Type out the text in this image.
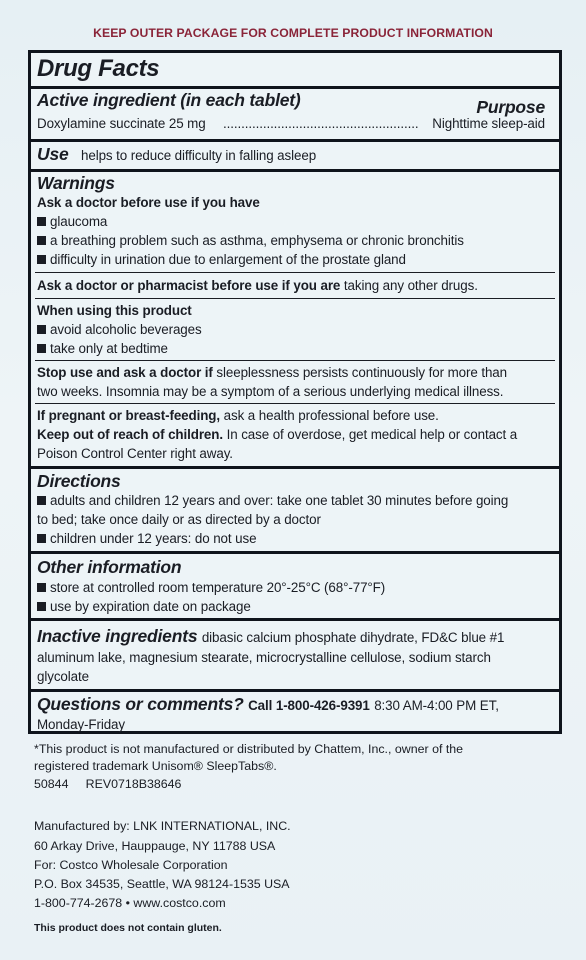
KEEP OUTER PACKAGE FOR COMPLETE PRODUCT INFORMATION
Drug Facts
Active ingredient (in each tablet)	Purpose
Doxylamine succinate 25 mg ......................................................	Nighttime sleep-aid
Use helps to reduce difficulty in falling asleep
Warnings
Ask a doctor before use if you have
glaucoma
a breathing problem such as asthma, emphysema or chronic bronchitis
difficulty in urination due to enlargement of the prostate gland
Ask a doctor or pharmacist before use if you are taking any other drugs.
When using this product
avoid alcoholic beverages
take only at bedtime
Stop use and ask a doctor if sleeplessness persists continuously for more than
two weeks. Insomnia may be a symptom of a serious underlying medical illness.
If pregnant or breast-feeding, ask a health professional before use.
Keep out of reach of children. In case of overdose, get medical help or contact a
Poison Control Center right away.
Directions
adults and children 12 years and over: take one tablet 30 minutes before going
to bed; take once daily or as directed by a doctor
children under 12 years: do not use
Other information
store at controlled room temperature 20°-25°C (68°-77°F)
use by expiration date on package
Inactive ingredients dibasic calcium phosphate dihydrate, FD&C blue #1
aluminum lake, magnesium stearate, microcrystalline cellulose, sodium starch
glycolate
Questions or comments? Call 1-800-426-9391 8:30 AM-4:00 PM ET,
Monday-Friday
*This product is not manufactured or distributed by Chattem, Inc., owner of the
registered trademark Unisom® SleepTabs®.
50844     REV0718B38646
Manufactured by: LNK INTERNATIONAL, INC.
60 Arkay Drive, Hauppauge, NY 11788 USA
For: Costco Wholesale Corporation
P.O. Box 34535, Seattle, WA 98124-1535 USA
1-800-774-2678 • www.costco.com
This product does not contain gluten.
